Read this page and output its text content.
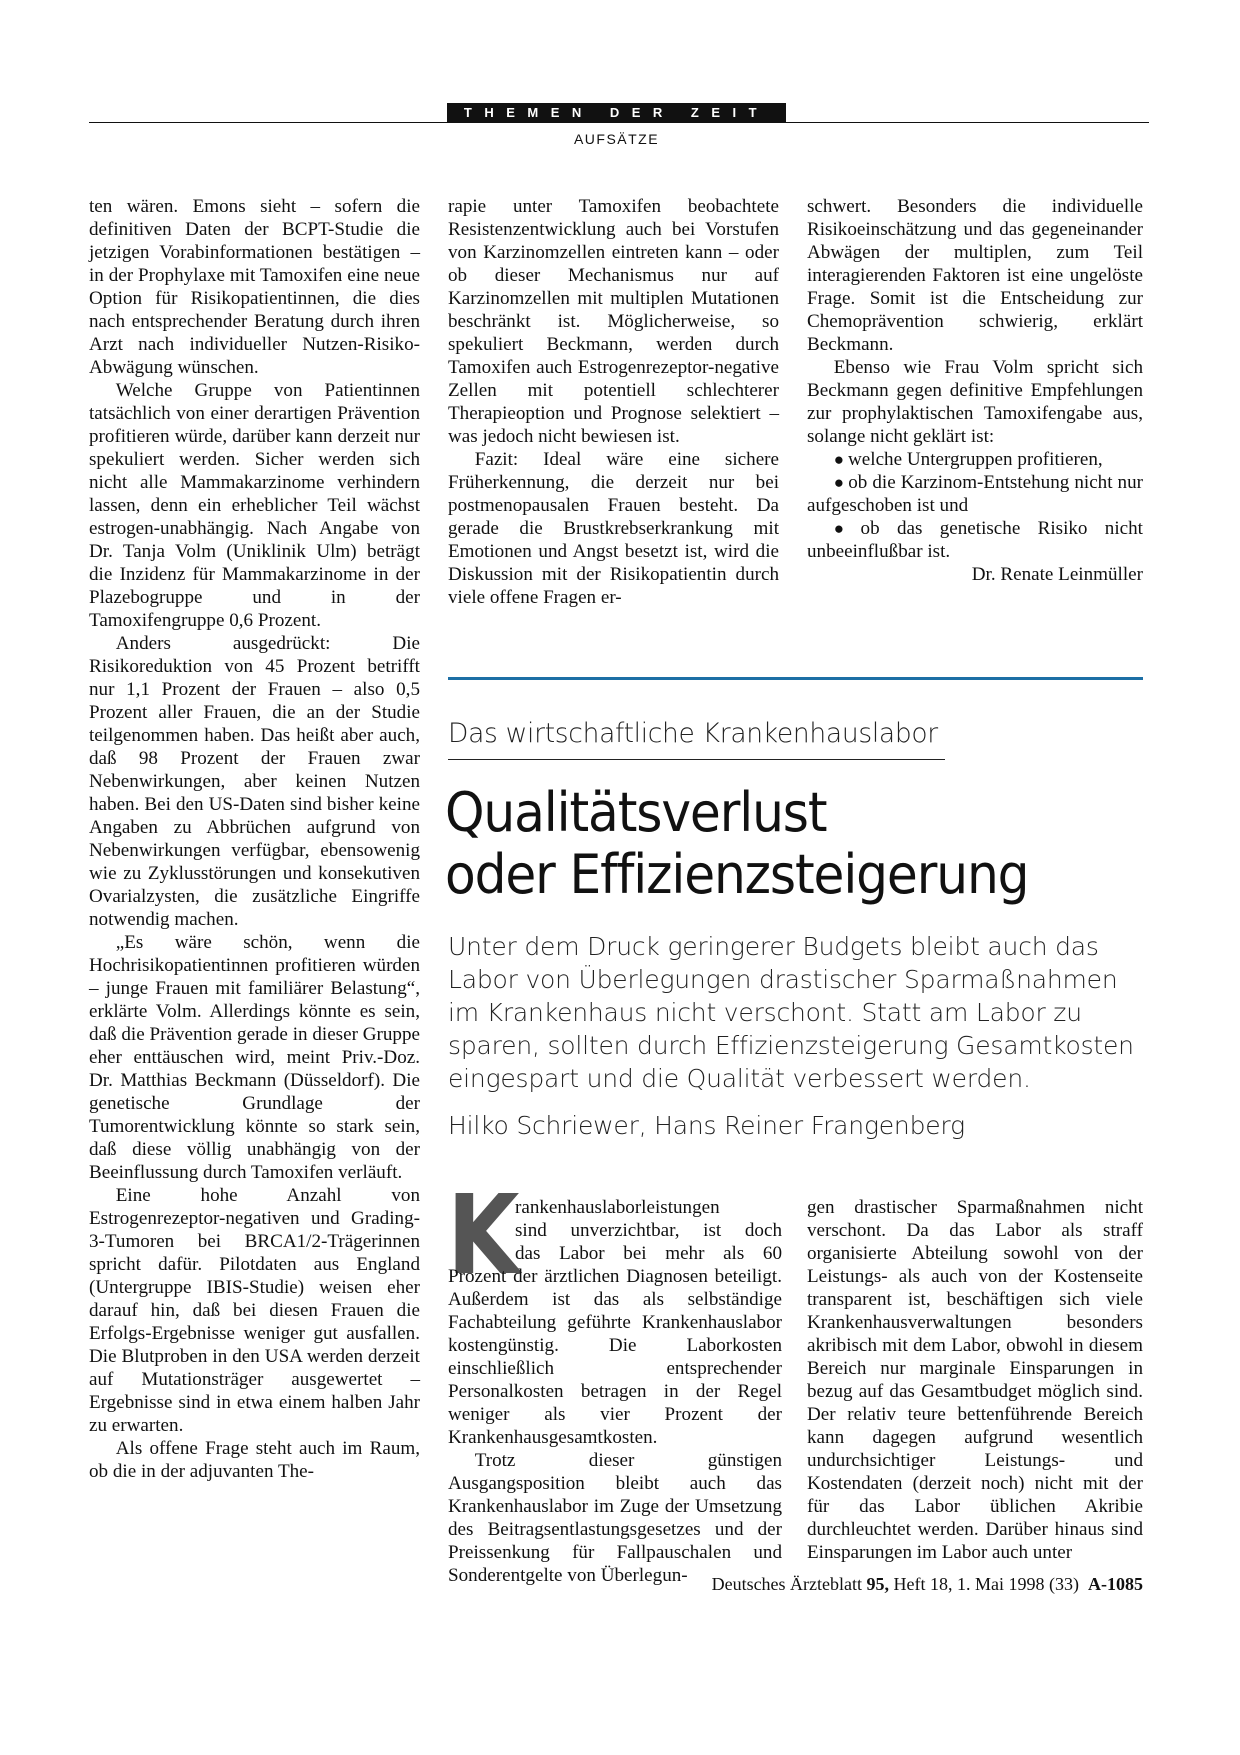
THEMEN DER ZEIT
AUFSÄTZE

ten wären. Emons sieht – sofern die definitiven Daten der BCPT-Studie die jetzigen Vorabinformationen bestätigen – in der Prophylaxe mit Tamoxifen eine neue Option für Risikopatientinnen, die dies nach entsprechender Beratung durch ihren Arzt nach individueller Nutzen-Risiko-Abwägung wünschen.

Welche Gruppe von Patientinnen tatsächlich von einer derartigen Prävention profitieren würde, darüber kann derzeit nur spekuliert werden. Sicher werden sich nicht alle Mammakarzinome verhindern lassen, denn ein erheblicher Teil wächst estrogen-unabhängig. Nach Angabe von Dr. Tanja Volm (Uniklinik Ulm) beträgt die Inzidenz für Mammakarzinome in der Plazebogruppe und in der Tamoxifengruppe 0,6 Prozent.

Anders ausgedrückt: Die Risikoreduktion von 45 Prozent betrifft nur 1,1 Prozent der Frauen – also 0,5 Prozent aller Frauen, die an der Studie teilgenommen haben. Das heißt aber auch, daß 98 Prozent der Frauen zwar Nebenwirkungen, aber keinen Nutzen haben. Bei den US-Daten sind bisher keine Angaben zu Abbrüchen aufgrund von Nebenwirkungen verfügbar, ebensowenig wie zu Zyklusstörungen und konsekutiven Ovarialzysten, die zusätzliche Eingriffe notwendig machen.

„Es wäre schön, wenn die Hochrisikopatientinnen profitieren würden – junge Frauen mit familiärer Belastung“, erklärte Volm. Allerdings könnte es sein, daß die Prävention gerade in dieser Gruppe eher enttäuschen wird, meint Priv.-Doz. Dr. Matthias Beckmann (Düsseldorf). Die genetische Grundlage der Tumorentwicklung könnte so stark sein, daß diese völlig unabhängig von der Beeinflussung durch Tamoxifen verläuft.

Eine hohe Anzahl von Estrogenrezeptor-negativen und Grading-3-Tumoren bei BRCA1/2-Trägerinnen spricht dafür. Pilotdaten aus England (Untergruppe IBIS-Studie) weisen eher darauf hin, daß bei diesen Frauen die Erfolgs-Ergebnisse weniger gut ausfallen. Die Blutproben in den USA werden derzeit auf Mutationsträger ausgewertet – Ergebnisse sind in etwa einem halben Jahr zu erwarten.

Als offene Frage steht auch im Raum, ob die in der adjuvanten The-

rapie unter Tamoxifen beobachtete Resistenzentwicklung auch bei Vorstufen von Karzinomzellen eintreten kann – oder ob dieser Mechanismus nur auf Karzinomzellen mit multiplen Mutationen beschränkt ist. Möglicherweise, so spekuliert Beckmann, werden durch Tamoxifen auch Estrogenrezeptor-negative Zellen mit potentiell schlechterer Therapieoption und Prognose selektiert – was jedoch nicht bewiesen ist.

Fazit: Ideal wäre eine sichere Früherkennung, die derzeit nur bei postmenopausalen Frauen besteht. Da gerade die Brustkrebserkrankung mit Emotionen und Angst besetzt ist, wird die Diskussion mit der Risikopatientin durch viele offene Fragen er-

schwert. Besonders die individuelle Risikoeinschätzung und das gegeneinander Abwägen der multiplen, zum Teil interagierenden Faktoren ist eine ungelöste Frage. Somit ist die Entscheidung zur Chemoprävention schwierig, erklärt Beckmann.

Ebenso wie Frau Volm spricht sich Beckmann gegen definitive Empfehlungen zur prophylaktischen Tamoxifengabe aus, solange nicht geklärt ist:

● welche Untergruppen profitieren,

● ob die Karzinom-Entstehung nicht nur aufgeschoben ist und

● ob das genetische Risiko nicht unbeeinflußbar ist.

Dr. Renate Leinmüller

Das wirtschaftliche Krankenhauslabor
Qualitätsverlust
oder Effizienzsteigerung
Unter dem Druck geringerer Budgets bleibt auch das
Labor von Überlegungen drastischer Sparmaßnahmen
im Krankenhaus nicht verschont. Statt am Labor zu
sparen, sollten durch Effizienzsteigerung Gesamtkosten
eingespart und die Qualität verbessert werden.
Hilko Schriewer, Hans Reiner Frangenberg
K

rankenhauslaborleistungen
sind unverzichtbar, ist doch
das Labor bei mehr als 60
Prozent der ärztlichen Diagnosen beteiligt. Außerdem ist das als selbständige Fachabteilung geführte Krankenhauslabor kostengünstig. Die Laborkosten einschließlich entsprechender Personalkosten betragen in der Regel weniger als vier Prozent der Krankenhausgesamtkosten.

Trotz dieser günstigen Ausgangsposition bleibt auch das Krankenhauslabor im Zuge der Umsetzung des Beitragsentlastungsgesetzes und der Preissenkung für Fallpauschalen und Sonderentgelte von Überlegun-

gen drastischer Sparmaßnahmen nicht verschont. Da das Labor als straff organisierte Abteilung sowohl von der Leistungs- als auch von der Kostenseite transparent ist, beschäftigen sich viele Krankenhausverwaltungen besonders akribisch mit dem Labor, obwohl in diesem Bereich nur marginale Einsparungen in bezug auf das Gesamtbudget möglich sind. Der relativ teure bettenführende Bereich kann dagegen aufgrund wesentlich undurchsichtiger Leistungs- und Kostendaten (derzeit noch) nicht mit der für das Labor üblichen Akribie durchleuchtet werden. Darüber hinaus sind Einsparungen im Labor auch unter

Deutsches Ärzteblatt 95, Heft 18, 1. Mai 1998 (33) A-1085
